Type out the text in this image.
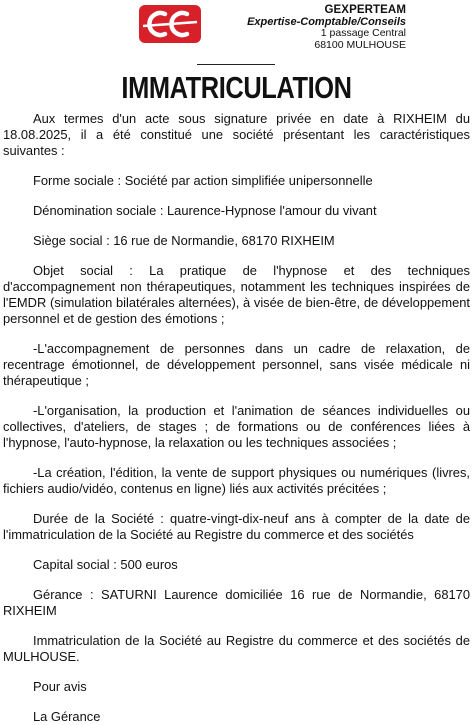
GEXPERTEAM
Expertise-Comptable/Conseils
1 passage Central
68100 MULHOUSE
IMMATRICULATION

Aux termes d'un acte sous signature privée en date à RIXHEIM du 18.08.2025, il a été constitué une société présentant les caractéristiques suivantes :

Forme sociale : Société par action simplifiée unipersonnelle

Dénomination sociale : Laurence-Hypnose l'amour du vivant

Siège social : 16 rue de Normandie, 68170 RIXHEIM

Objet social : La pratique de l'hypnose et des techniques d'accompagnement non thérapeutiques, notamment les techniques inspirées de l'EMDR (simulation bilatérales alternées), à visée de bien-être, de développement personnel et de gestion des émotions ;

-L'accompagnement de personnes dans un cadre de relaxation, de recentrage émotionnel, de développement personnel, sans visée médicale ni thérapeutique ;

-L'organisation, la production et l'animation de séances individuelles ou collectives, d'ateliers, de stages ; de formations ou de conférences liées à l'hypnose, l'auto-hypnose, la relaxation ou les techniques associées ;

-La création, l'édition, la vente de support physiques ou numériques (livres, fichiers audio/vidéo, contenus en ligne) liés aux activités précitées ;

Durée de la Société : quatre-vingt-dix-neuf ans à compter de la date de l'immatriculation de la Société au Registre du commerce et des sociétés

Capital social : 500 euros

Gérance : SATURNI Laurence domiciliée 16 rue de Normandie, 68170 RIXHEIM

Immatriculation de la Société au Registre du commerce et des sociétés de MULHOUSE.

Pour avis

La Gérance
